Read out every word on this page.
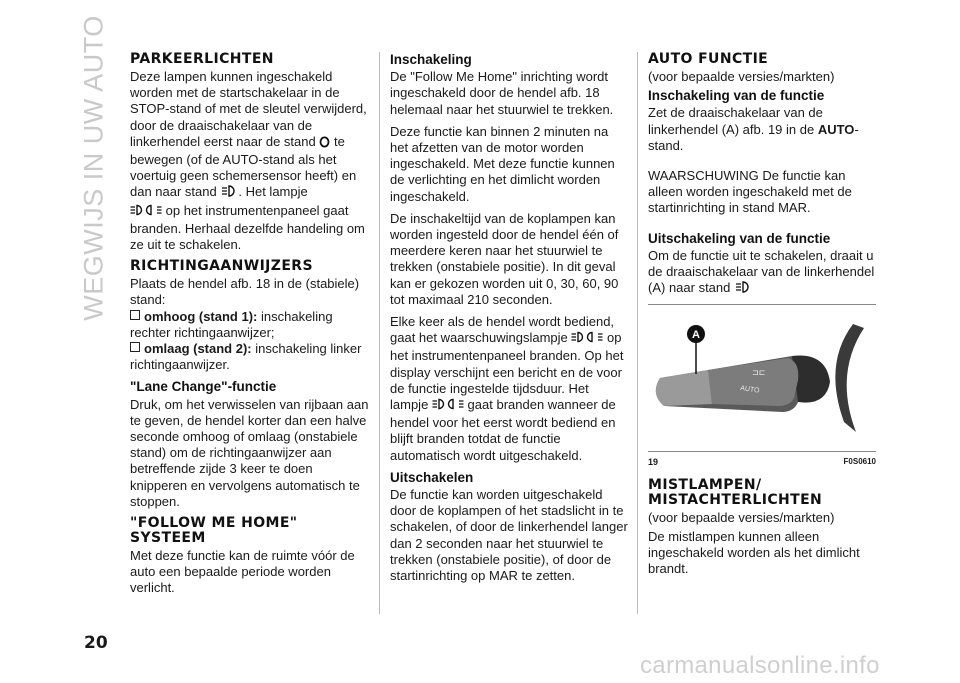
WEGWIJS IN UW AUTO PARKEERLICHTEN

Deze lampen kunnen ingeschakeld worden met de startschakelaar in de STOP-stand of met de sleutel verwijderd, door de draaischakelaar van de linkerhendel eerst naar de stand te bewegen (of de AUTO-stand als het voertuig geen schemersensor heeft) en dan naar stand . Het lampje
op het instrumentenpaneel gaat branden. Herhaal dezelfde handeling om ze uit te schakelen.

RICHTINGAANWIJZERS

Plaats de hendel afb. 18 in de (stabiele) stand:

omhoog (stand 1): inschakeling rechter richtingaanwijzer;
omlaag (stand 2): inschakeling linker richtingaanwijzer.
"Lane Change"-functie

Druk, om het verwisselen van rijbaan aan te geven, de hendel korter dan een halve seconde omhoog of omlaag (onstabiele stand) om de richtingaanwijzer aan betreffende zijde 3 keer te doen knipperen en vervolgens automatisch te stoppen.

"FOLLOW ME HOME"
SYSTEEM

Met deze functie kan de ruimte vóór de auto een bepaalde periode worden verlicht.

Inschakeling

De "Follow Me Home" inrichting wordt ingeschakeld door de hendel afb. 18 helemaal naar het stuurwiel te trekken.

Deze functie kan binnen 2 minuten na het afzetten van de motor worden ingeschakeld. Met deze functie kunnen de verlichting en het dimlicht worden ingeschakeld.

De inschakeltijd van de koplampen kan worden ingesteld door de hendel één of meerdere keren naar het stuurwiel te trekken (onstabiele positie). In dit geval kan er gekozen worden uit 0, 30, 60, 90 tot maximaal 210 seconden.

Elke keer als de hendel wordt bediend, gaat het waarschuwingslampje	op het instrumentenpaneel branden. Op het display verschijnt een bericht en de voor de functie ingestelde tijdsduur. Het lampje	gaat branden wanneer de hendel voor het eerst wordt bediend en blijft branden totdat de functie automatisch wordt uitgeschakeld.

Uitschakelen

De functie kan worden uitgeschakeld door de koplampen of het stadslicht in te schakelen, of door de linkerhendel langer dan 2 seconden naar het stuurwiel te trekken (onstabiele positie), of door de startinrichting op MAR te zetten.

AUTO FUNCTIE

(voor bepaalde versies/markten)

Inschakeling van de functie

Zet de draaischakelaar van de linkerhendel (A) afb. 19 in de AUTO-stand.

WAARSCHUWING De functie kan alleen worden ingeschakeld met de startinrichting in stand MAR.

Uitschakeling van de functie

Om de functie uit te schakelen, draait u de draaischakelaar van de linkerhendel (A) naar stand

AUTO
⊐⊏
A
19	F0S0610
MISTLAMPEN/
MISTACHTERLICHTEN

(voor bepaalde versies/markten)

De mistlampen kunnen alleen ingeschakeld worden als het dimlicht brandt.

20
carmanualsonline.info
